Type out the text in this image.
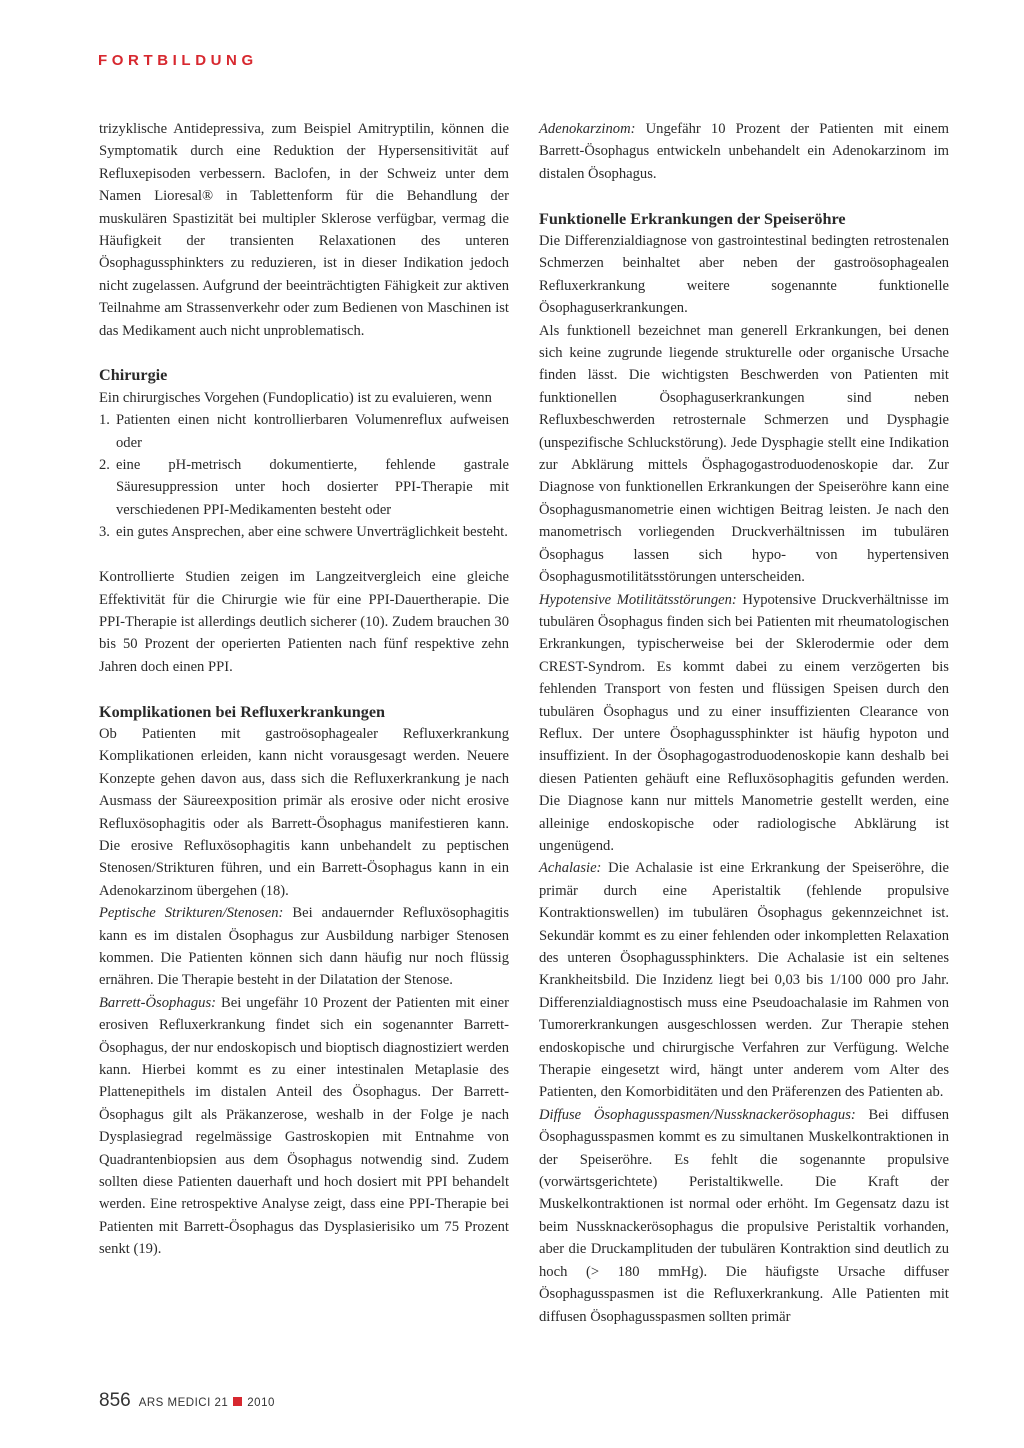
FORTBILDUNG

trizyklische Antidepressiva, zum Beispiel Amitryptilin, können die Symptomatik durch eine Reduktion der Hypersensitivität auf Refluxepisoden verbessern. Baclofen, in der Schweiz unter dem Namen Lioresal® in Tablettenform für die Behandlung der muskulären Spastizität bei multipler Sklerose verfügbar, vermag die Häufigkeit der transienten Relaxationen des unteren Ösophagussphinkters zu reduzieren, ist in dieser Indikation jedoch nicht zugelassen. Aufgrund der beeinträchtigten Fähigkeit zur aktiven Teilnahme am Strassenverkehr oder zum Bedienen von Maschinen ist das Medikament auch nicht unproblematisch.

Chirurgie

Ein chirurgisches Vorgehen (Fundoplicatio) ist zu evaluieren, wenn

1. Patienten einen nicht kontrollierbaren Volumenreflux aufweisen oder
2. eine pH-metrisch dokumentierte, fehlende gastrale Säuresuppression unter hoch dosierter PPI-Therapie mit verschiedenen PPI-Medikamenten besteht oder
3. ein gutes Ansprechen, aber eine schwere Unverträglichkeit besteht.

Kontrollierte Studien zeigen im Langzeitvergleich eine gleiche Effektivität für die Chirurgie wie für eine PPI-Dauertherapie. Die PPI-Therapie ist allerdings deutlich sicherer (10). Zudem brauchen 30 bis 50 Prozent der operierten Patienten nach fünf respektive zehn Jahren doch einen PPI.

Komplikationen bei Refluxerkrankungen

Ob Patienten mit gastroösophagealer Refluxerkrankung Komplikationen erleiden, kann nicht vorausgesagt werden. Neuere Konzepte gehen davon aus, dass sich die Refluxerkrankung je nach Ausmass der Säureexposition primär als erosive oder nicht erosive Refluxösophagitis oder als Barrett-Ösophagus manifestieren kann. Die erosive Refluxösophagitis kann unbehandelt zu peptischen Stenosen/Strikturen führen, und ein Barrett-Ösophagus kann in ein Adenokarzinom übergehen (18).

Peptische Strikturen/Stenosen: Bei andauernder Refluxösophagitis kann es im distalen Ösophagus zur Ausbildung narbiger Stenosen kommen. Die Patienten können sich dann häufig nur noch flüssig ernähren. Die Therapie besteht in der Dilatation der Stenose.

Barrett-Ösophagus: Bei ungefähr 10 Prozent der Patienten mit einer erosiven Refluxerkrankung findet sich ein sogenannter Barrett-Ösophagus, der nur endoskopisch und bioptisch diagnostiziert werden kann. Hierbei kommt es zu einer intestinalen Metaplasie des Plattenepithels im distalen Anteil des Ösophagus. Der Barrett-Ösophagus gilt als Präkanzerose, weshalb in der Folge je nach Dysplasiegrad regelmässige Gastroskopien mit Entnahme von Quadrantenbiopsien aus dem Ösophagus notwendig sind. Zudem sollten diese Patienten dauerhaft und hoch dosiert mit PPI behandelt werden. Eine retrospektive Analyse zeigt, dass eine PPI-Therapie bei Patienten mit Barrett-Ösophagus das Dysplasierisiko um 75 Prozent senkt (19).

Adenokarzinom: Ungefähr 10 Prozent der Patienten mit einem Barrett-Ösophagus entwickeln unbehandelt ein Adenokarzinom im distalen Ösophagus.

Funktionelle Erkrankungen der Speiseröhre

Die Differenzialdiagnose von gastrointestinal bedingten retrostenalen Schmerzen beinhaltet aber neben der gastroösophagealen Refluxerkrankung weitere sogenannte funktionelle Ösophaguserkrankungen.

Als funktionell bezeichnet man generell Erkrankungen, bei denen sich keine zugrunde liegende strukturelle oder organische Ursache finden lässt. Die wichtigsten Beschwerden von Patienten mit funktionellen Ösophaguserkrankungen sind neben Refluxbeschwerden retrosternale Schmerzen und Dysphagie (unspezifische Schluckstörung). Jede Dysphagie stellt eine Indikation zur Abklärung mittels Ösphagogastroduodenoskopie dar. Zur Diagnose von funktionellen Erkrankungen der Speiseröhre kann eine Ösophagusmanometrie einen wichtigen Beitrag leisten. Je nach den manometrisch vorliegenden Druckverhältnissen im tubulären Ösophagus lassen sich hypo- von hypertensiven Ösophagusmotilitätsstörungen unterscheiden.

Hypotensive Motilitätsstörungen: Hypotensive Druckverhältnisse im tubulären Ösophagus finden sich bei Patienten mit rheumatologischen Erkrankungen, typischerweise bei der Sklerodermie oder dem CREST-Syndrom. Es kommt dabei zu einem verzögerten bis fehlenden Transport von festen und flüssigen Speisen durch den tubulären Ösophagus und zu einer insuffizienten Clearance von Reflux. Der untere Ösophagussphinkter ist häufig hypoton und insuffizient. In der Ösophagogastroduodenoskopie kann deshalb bei diesen Patienten gehäuft eine Refluxösophagitis gefunden werden. Die Diagnose kann nur mittels Manometrie gestellt werden, eine alleinige endoskopische oder radiologische Abklärung ist ungenügend.

Achalasie: Die Achalasie ist eine Erkrankung der Speiseröhre, die primär durch eine Aperistaltik (fehlende propulsive Kontraktionswellen) im tubulären Ösophagus gekennzeichnet ist. Sekundär kommt es zu einer fehlenden oder inkompletten Relaxation des unteren Ösophagussphinkters. Die Achalasie ist ein seltenes Krankheitsbild. Die Inzidenz liegt bei 0,03 bis 1/100 000 pro Jahr. Differenzialdiagnostisch muss eine Pseudoachalasie im Rahmen von Tumorerkrankungen ausgeschlossen werden. Zur Therapie stehen endoskopische und chirurgische Verfahren zur Verfügung. Welche Therapie eingesetzt wird, hängt unter anderem vom Alter des Patienten, den Komorbiditäten und den Präferenzen des Patienten ab.

Diffuse Ösophagusspasmen/Nussknackerösophagus: Bei diffusen Ösophagusspasmen kommt es zu simultanen Muskelkontraktionen in der Speiseröhre. Es fehlt die sogenannte propulsive (vorwärtsgerichtete) Peristaltikwelle. Die Kraft der Muskelkontraktionen ist normal oder erhöht. Im Gegensatz dazu ist beim Nussknackerösophagus die propulsive Peristaltik vorhanden, aber die Druckamplituden der tubulären Kontraktion sind deutlich zu hoch (> 180 mmHg). Die häufigste Ursache diffuser Ösophagusspasmen ist die Refluxerkrankung. Alle Patienten mit diffusen Ösophagusspasmen sollten primär

856 ARS MEDICI 21 2010
